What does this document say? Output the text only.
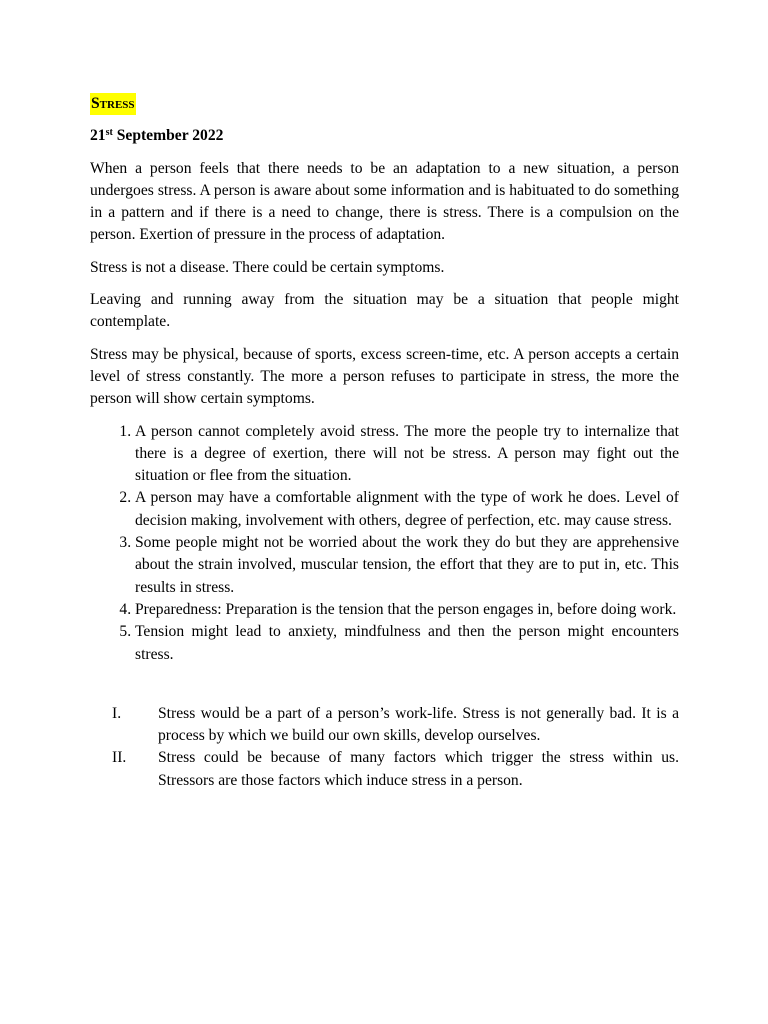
Stress
21st September 2022

When a person feels that there needs to be an adaptation to a new situation, a person undergoes stress. A person is aware about some information and is habituated to do something in a pattern and if there is a need to change, there is stress. There is a compulsion on the person. Exertion of pressure in the process of adaptation.

Stress is not a disease. There could be certain symptoms.

Leaving and running away from the situation may be a situation that people might contemplate.

Stress may be physical, because of sports, excess screen-time, etc. A person accepts a certain level of stress constantly. The more a person refuses to participate in stress, the more the person will show certain symptoms.

1. A person cannot completely avoid stress. The more the people try to internalize that there is a degree of exertion, there will not be stress. A person may fight out the situation or flee from the situation.
2. A person may have a comfortable alignment with the type of work he does. Level of decision making, involvement with others, degree of perfection, etc. may cause stress.
3. Some people might not be worried about the work they do but they are apprehensive about the strain involved, muscular tension, the effort that they are to put in, etc. This results in stress.
4. Preparedness: Preparation is the tension that the person engages in, before doing work.
5. Tension might lead to anxiety, mindfulness and then the person might encounters stress.
I. Stress would be a part of a person’s work-life. Stress is not generally bad. It is a process by which we build our own skills, develop ourselves.
II. Stress could be because of many factors which trigger the stress within us. Stressors are those factors which induce stress in a person.
